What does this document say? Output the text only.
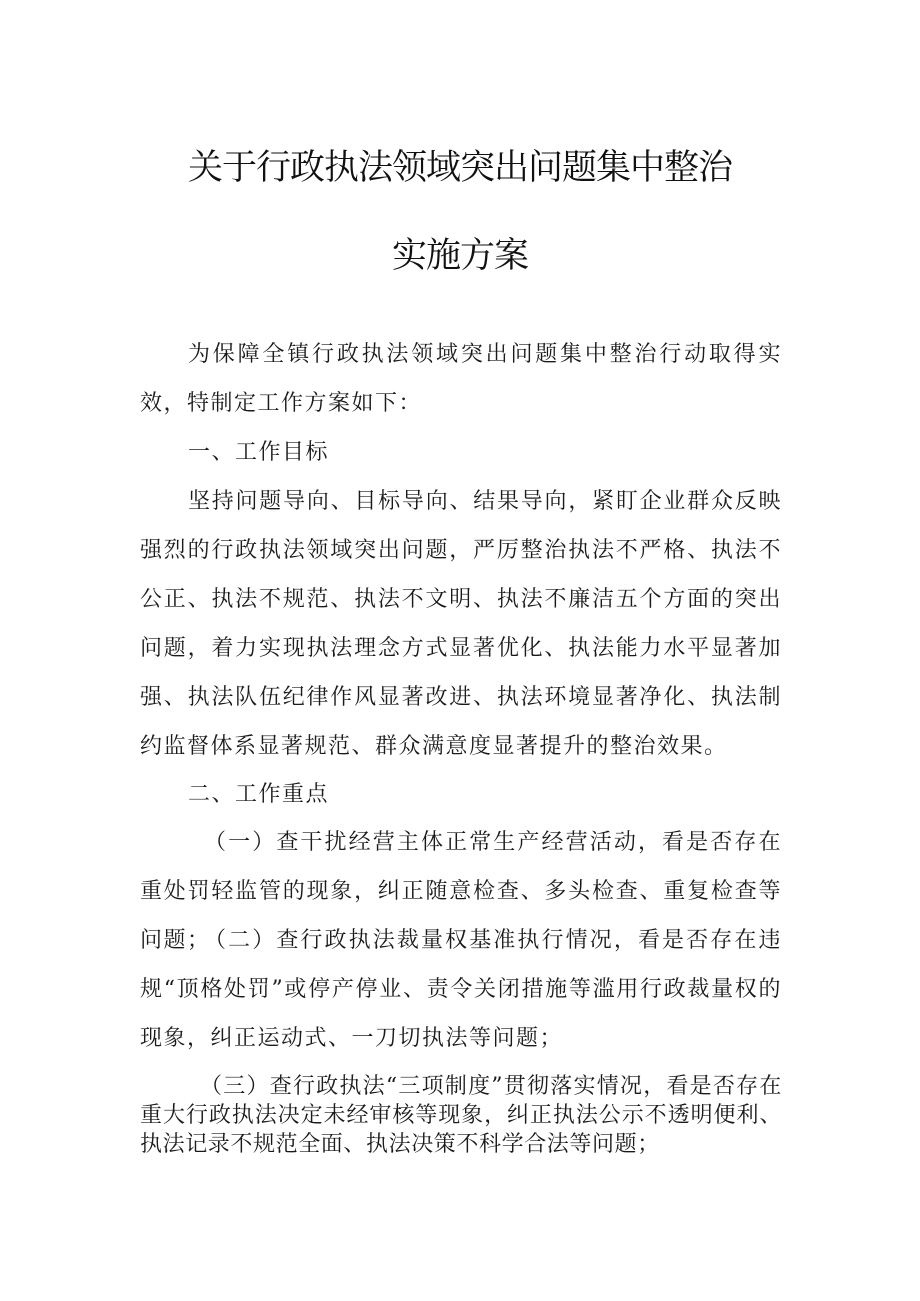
关于行政执法领域突出问题集中整治
实施方案

为保障全镇行政执法领域突出问题集中整治行动取得实效，特制定工作方案如下：

一、工作目标

坚持问题导向、目标导向、结果导向，紧盯企业群众反映强烈的行政执法领域突出问题，严厉整治执法不严格、执法不公正、执法不规范、执法不文明、执法不廉洁五个方面的突出问题，着力实现执法理念方式显著优化、执法能力水平显著加强、执法队伍纪律作风显著改进、执法环境显著净化、执法制约监督体系显著规范、群众满意度显著提升的整治效果。

二、工作重点

（一）查干扰经营主体正常生产经营活动，看是否存在重处罚轻监管的现象，纠正随意检查、多头检查、重复检查等问题；

（二）查行政执法裁量权基准执行情况，看是否存在违规“顶格处罚”或停产停业、责令关闭措施等滥用行政裁量权的现象，纠正运动式、一刀切执法等问题；

（三）查行政执法“三项制度”贯彻落实情况，看是否存在重大行政执法决定未经审核等现象，纠正执法公示不透明便利、执法记录不规范全面、执法决策不科学合法等问题；
